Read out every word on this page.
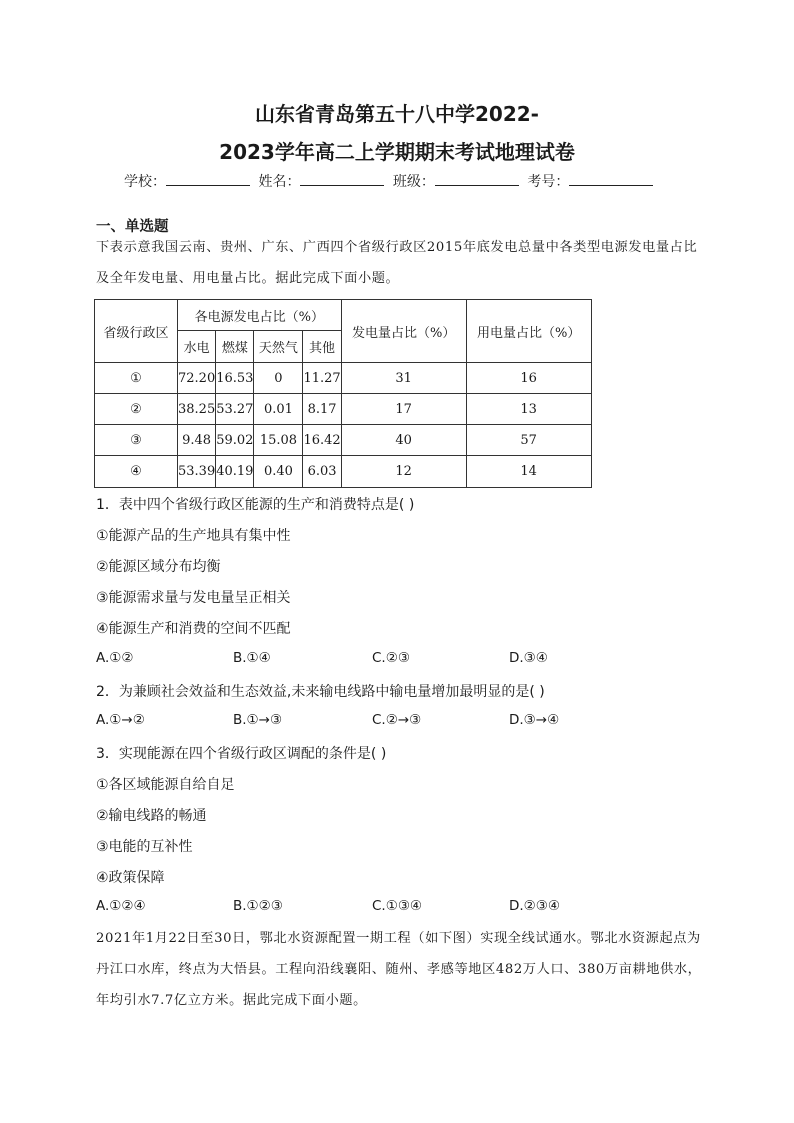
山东省青岛第五十八中学2022-
2023学年高二上学期期末考试地理试卷
学校：	姓名：	班级：	考号：
一、单选题
下表示意我国云南、贵州、广东、广西四个省级行政区2015年底发电总量中各类型电源发电量占比及全年发电量、用电量占比。据此完成下面小题。
省级行政区	各电源发电占比（%）				发电量占比（%）	用电量占比（%）
	水电	燃煤	天然气	其他		
①	72.20	16.53	0	11.27	31	16
②	38.25	53.27	0.01	8.17	17	13
③	9.48	59.02	15.08	16.42	40	57
④	53.39	40.19	0.40	6.03	12	14
1．表中四个省级行政区能源的生产和消费特点是( )
①能源产品的生产地具有集中性
②能源区域分布均衡
③能源需求量与发电量呈正相关
④能源生产和消费的空间不匹配
A.①②	B.①④	C.②③	D.③④
2．为兼顾社会效益和生态效益,未来输电线路中输电量增加最明显的是( )
A.①→②	B.①→③	C.②→③	D.③→④
3．实现能源在四个省级行政区调配的条件是( )
①各区域能源自给自足
②输电线路的畅通
③电能的互补性
④政策保障
A.①②④	B.①②③	C.①③④	D.②③④
2021年1月22日至30日，鄂北水资源配置一期工程（如下图）实现全线试通水。鄂北水资源起点为丹江口水库，终点为大悟县。工程向沿线襄阳、随州、孝感等地区482万人口、380万亩耕地供水，年均引水7.7亿立方米。据此完成下面小题。
